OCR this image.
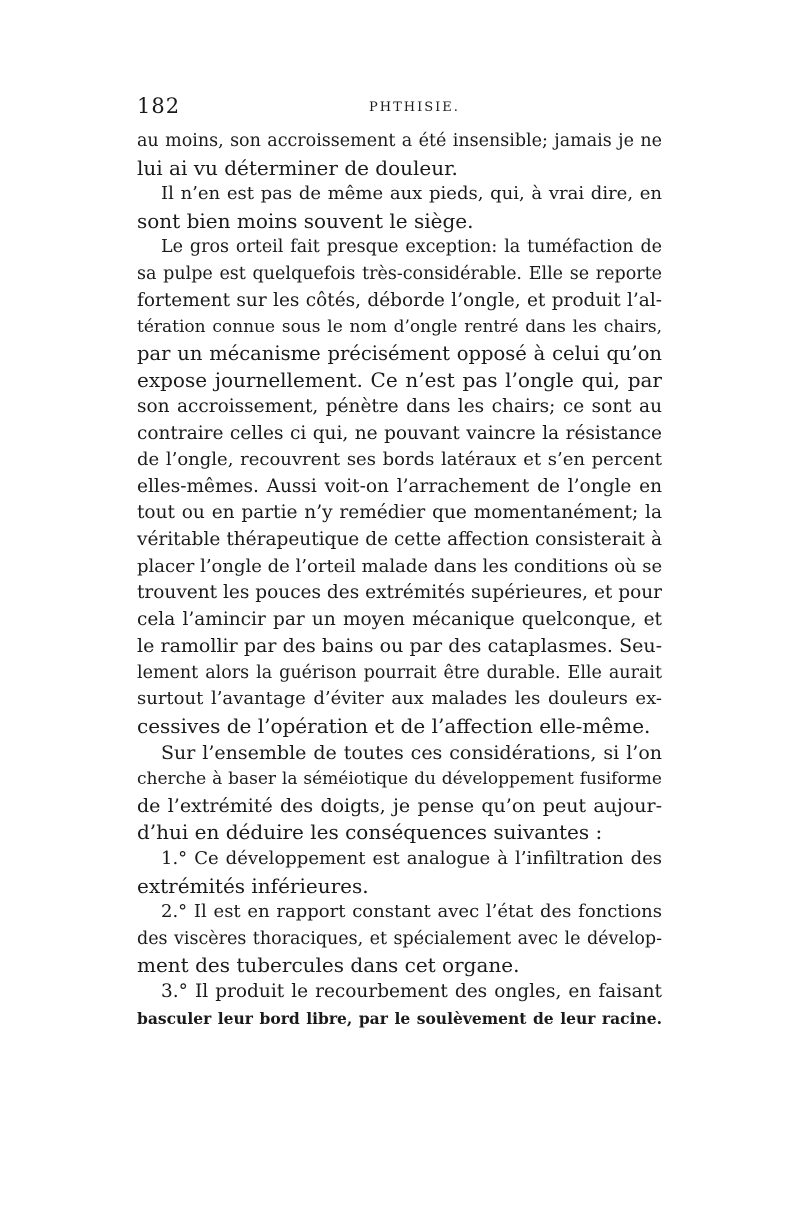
182	PHTHISIE.
au moins, son accroissement a été insensible; jamais je ne
lui ai vu déterminer de douleur.
Il n’en est pas de même aux pieds, qui, à vrai dire, en
sont bien moins souvent le siège.
Le gros orteil fait presque exception: la tuméfaction de
sa pulpe est quelquefois très-considérable. Elle se reporte
fortement sur les côtés, déborde l’ongle, et produit l’al-
tération connue sous le nom d’ongle rentré dans les chairs,
par un mécanisme précisément opposé à celui qu’on
expose journellement. Ce n’est pas l’ongle qui, par
son accroissement, pénètre dans les chairs; ce sont au
contraire celles ci qui, ne pouvant vaincre la résistance
de l’ongle, recouvrent ses bords latéraux et s’en percent
elles-mêmes. Aussi voit-on l’arrachement de l’ongle en
tout ou en partie n’y remédier que momentanément; la
véritable thérapeutique de cette affection consisterait à
placer l’ongle de l’orteil malade dans les conditions où se
trouvent les pouces des extrémités supérieures, et pour
cela l’amincir par un moyen mécanique quelconque, et
le ramollir par des bains ou par des cataplasmes. Seu-
lement alors la guérison pourrait être durable. Elle aurait
surtout l’avantage d’éviter aux malades les douleurs ex-
cessives de l’opération et de l’affection elle-même.
Sur l’ensemble de toutes ces considérations, si l’on
cherche à baser la séméiotique du développement fusiforme
de l’extrémité des doigts, je pense qu’on peut aujour-
d’hui en déduire les conséquences suivantes :
1.° Ce développement est analogue à l’infiltration des
extrémités inférieures.
2.° Il est en rapport constant avec l’état des fonctions
des viscères thoraciques, et spécialement avec le dévelop-
ment des tubercules dans cet organe.
3.° Il produit le recourbement des ongles, en faisant
basculer leur bord libre, par le soulèvement de leur racine.
